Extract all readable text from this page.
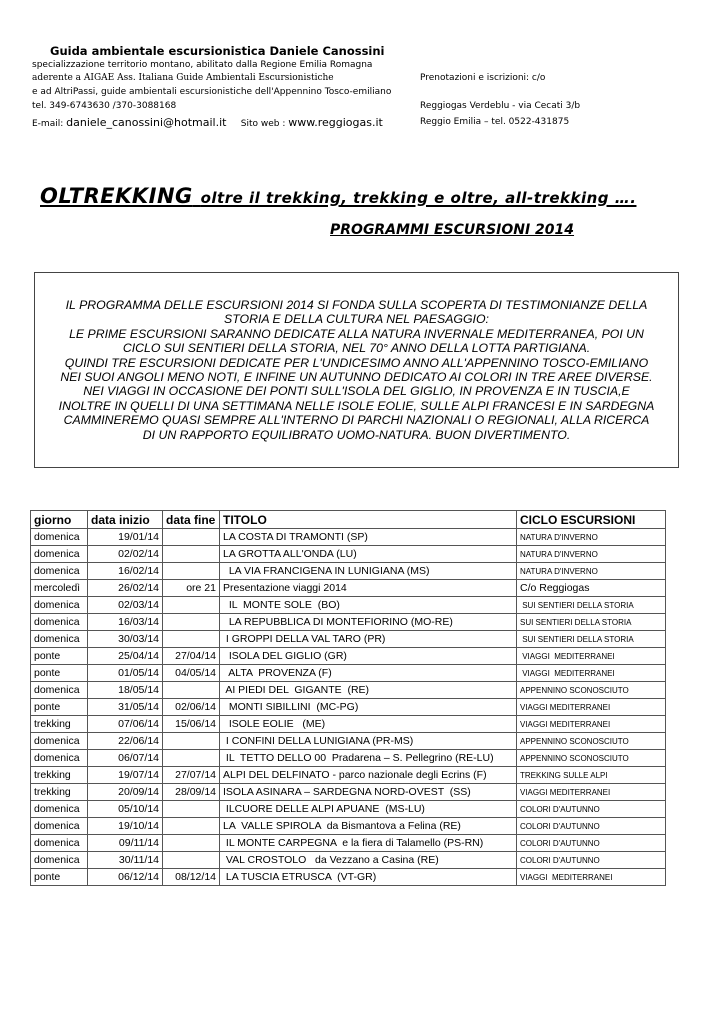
Guida ambientale escursionistica Daniele Canossini
specializzazione territorio montano, abilitato dalla Regione Emilia Romagna
aderente a AIGAE Ass. Italiana Guide Ambientali Escursionistiche
e ad AltriPassi, guide ambientali escursionistiche dell'Appennino Tosco-emiliano
tel. 349-6743630 /370-3088168
E-mail: daniele_canossini@hotmail.it Sito web : www.reggiogas.it
Prenotazioni e iscrizioni: c/o
Reggiogas Verdeblu - via Cecati 3/b
Reggio Emilia – tel. 0522-431875
OLTREKKING oltre il trekking, trekking e oltre, all-trekking ….
PROGRAMMI ESCURSIONI 2014
IL PROGRAMMA DELLE ESCURSIONI 2014 SI FONDA SULLA SCOPERTA DI TESTIMONIANZE DELLA
STORIA E DELLA CULTURA NEL PAESAGGIO:
LE PRIME ESCURSIONI SARANNO DEDICATE ALLA NATURA INVERNALE MEDITERRANEA, POI UN
CICLO SUI SENTIERI DELLA STORIA, NEL 70° ANNO DELLA LOTTA PARTIGIANA.
QUINDI TRE ESCURSIONI DEDICATE PER L'UNDICESIMO ANNO ALL'APPENNINO TOSCO-EMILIANO
NEI SUOI ANGOLI MENO NOTI, E INFINE UN AUTUNNO DEDICATO AI COLORI IN TRE AREE DIVERSE.
NEI VIAGGI IN OCCASIONE DEI PONTI SULL'ISOLA DEL GIGLIO, IN PROVENZA E IN TUSCIA,E
INOLTRE IN QUELLI DI UNA SETTIMANA NELLE ISOLE EOLIE, SULLE ALPI FRANCESI E IN SARDEGNA
CAMMINEREMO QUASI SEMPRE ALL'INTERNO DI PARCHI NAZIONALI O REGIONALI, ALLA RICERCA
DI UN RAPPORTO EQUILIBRATO UOMO-NATURA. BUON DIVERTIMENTO.
giorno	data inizio	data fine	TITOLO	CICLO ESCURSIONI
domenica	19/01/14		LA COSTA DI TRAMONTI (SP)	NATURA D'INVERNO
domenica	02/02/14		LA GROTTA ALL'ONDA (LU)	NATURA D'INVERNO
domenica	16/02/14		LA VIA FRANCIGENA IN LUNIGIANA (MS)	NATURA D'INVERNO
mercoledì	26/02/14	ore 21	Presentazione viaggi 2014	C/o Reggiogas
domenica	02/03/14		IL  MONTE SOLE  (BO)	SUI SENTIERI DELLA STORIA
domenica	16/03/14		LA REPUBBLICA DI MONTEFIORINO (MO-RE)	SUI SENTIERI DELLA STORIA
domenica	30/03/14		I GROPPI DELLA VAL TARO (PR)	SUI SENTIERI DELLA STORIA
ponte	25/04/14	27/04/14	ISOLA DEL GIGLIO (GR)	VIAGGI  MEDITERRANEI
ponte	01/05/14	04/05/14	ALTA  PROVENZA (F)	VIAGGI  MEDITERRANEI
domenica	18/05/14		AI PIEDI DEL  GIGANTE  (RE)	APPENNINO SCONOSCIUTO
ponte	31/05/14	02/06/14	MONTI SIBILLINI  (MC-PG)	VIAGGI MEDITERRANEI
trekking	07/06/14	15/06/14	ISOLE EOLIE   (ME)	VIAGGI MEDITERRANEI
domenica	22/06/14		I CONFINI DELLA LUNIGIANA (PR-MS)	APPENNINO SCONOSCIUTO
domenica	06/07/14		IL  TETTO DELLO 00  Pradarena – S. Pellegrino (RE-LU)	APPENNINO SCONOSCIUTO
trekking	19/07/14	27/07/14	ALPI DEL DELFINATO - parco nazionale degli Ecrins (F)	TREKKING SULLE ALPI
trekking	20/09/14	28/09/14	ISOLA ASINARA – SARDEGNA NORD-OVEST  (SS)	VIAGGI MEDITERRANEI
domenica	05/10/14		ILCUORE DELLE ALPI APUANE  (MS-LU)	COLORI D'AUTUNNO
domenica	19/10/14		LA  VALLE SPIROLA  da Bismantova a Felina (RE)	COLORI D'AUTUNNO
domenica	09/11/14		IL MONTE CARPEGNA  e la fiera di Talamello (PS-RN)	COLORI D'AUTUNNO
domenica	30/11/14		VAL CROSTOLO   da Vezzano a Casina (RE)	COLORI D'AUTUNNO
ponte	06/12/14	08/12/14	LA TUSCIA ETRUSCA  (VT-GR)	VIAGGI  MEDITERRANEI
